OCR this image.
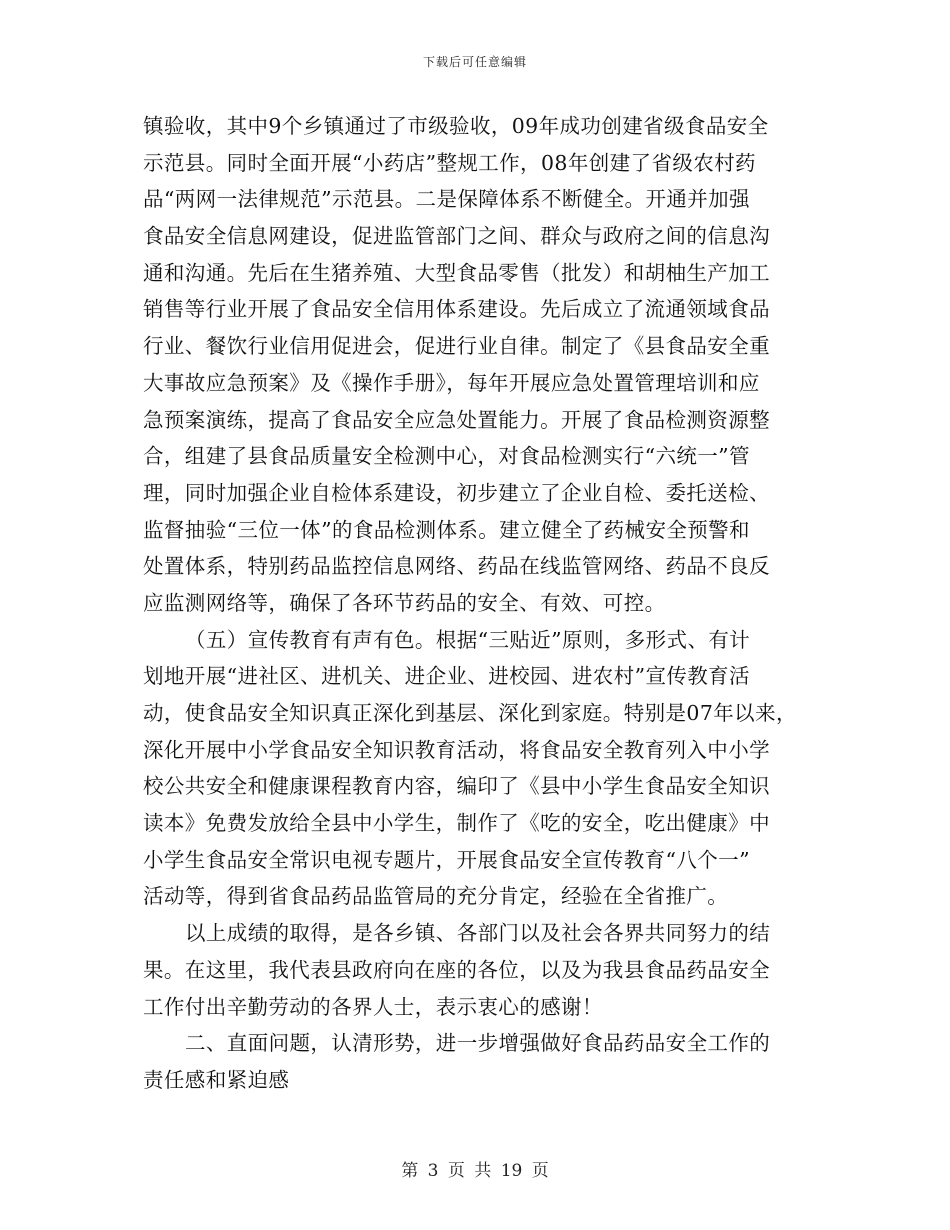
下载后可任意编辑
镇验收，其中9个乡镇通过了市级验收，09年成功创建省级食品安全
示范县。同时全面开展“小药店”整规工作，08年创建了省级农村药
品“两网一法律规范”示范县。二是保障体系不断健全。开通并加强
食品安全信息网建设，促进监管部门之间、群众与政府之间的信息沟
通和沟通。先后在生猪养殖、大型食品零售（批发）和胡柚生产加工
销售等行业开展了食品安全信用体系建设。先后成立了流通领域食品
行业、餐饮行业信用促进会，促进行业自律。制定了《县食品安全重
大事故应急预案》及《操作手册》，每年开展应急处置管理培训和应
急预案演练，提高了食品安全应急处置能力。开展了食品检测资源整
合，组建了县食品质量安全检测中心，对食品检测实行“六统一”管
理，同时加强企业自检体系建设，初步建立了企业自检、委托送检、
监督抽验“三位一体”的食品检测体系。建立健全了药械安全预警和
处置体系，特别药品监控信息网络、药品在线监管网络、药品不良反
应监测网络等，确保了各环节药品的安全、有效、可控。
（五）宣传教育有声有色。根据“三贴近”原则，多形式、有计
划地开展“进社区、进机关、进企业、进校园、进农村”宣传教育活
动，使食品安全知识真正深化到基层、深化到家庭。特别是07年以来，
深化开展中小学食品安全知识教育活动，将食品安全教育列入中小学
校公共安全和健康课程教育内容，编印了《县中小学生食品安全知识
读本》免费发放给全县中小学生，制作了《吃的安全，吃出健康》中
小学生食品安全常识电视专题片，开展食品安全宣传教育“八个一”
活动等，得到省食品药品监管局的充分肯定，经验在全省推广。
以上成绩的取得，是各乡镇、各部门以及社会各界共同努力的结
果。在这里，我代表县政府向在座的各位，以及为我县食品药品安全
工作付出辛勤劳动的各界人士，表示衷心的感谢！
二、直面问题，认清形势，进一步增强做好食品药品安全工作的
责任感和紧迫感
第 3 页 共 19 页
